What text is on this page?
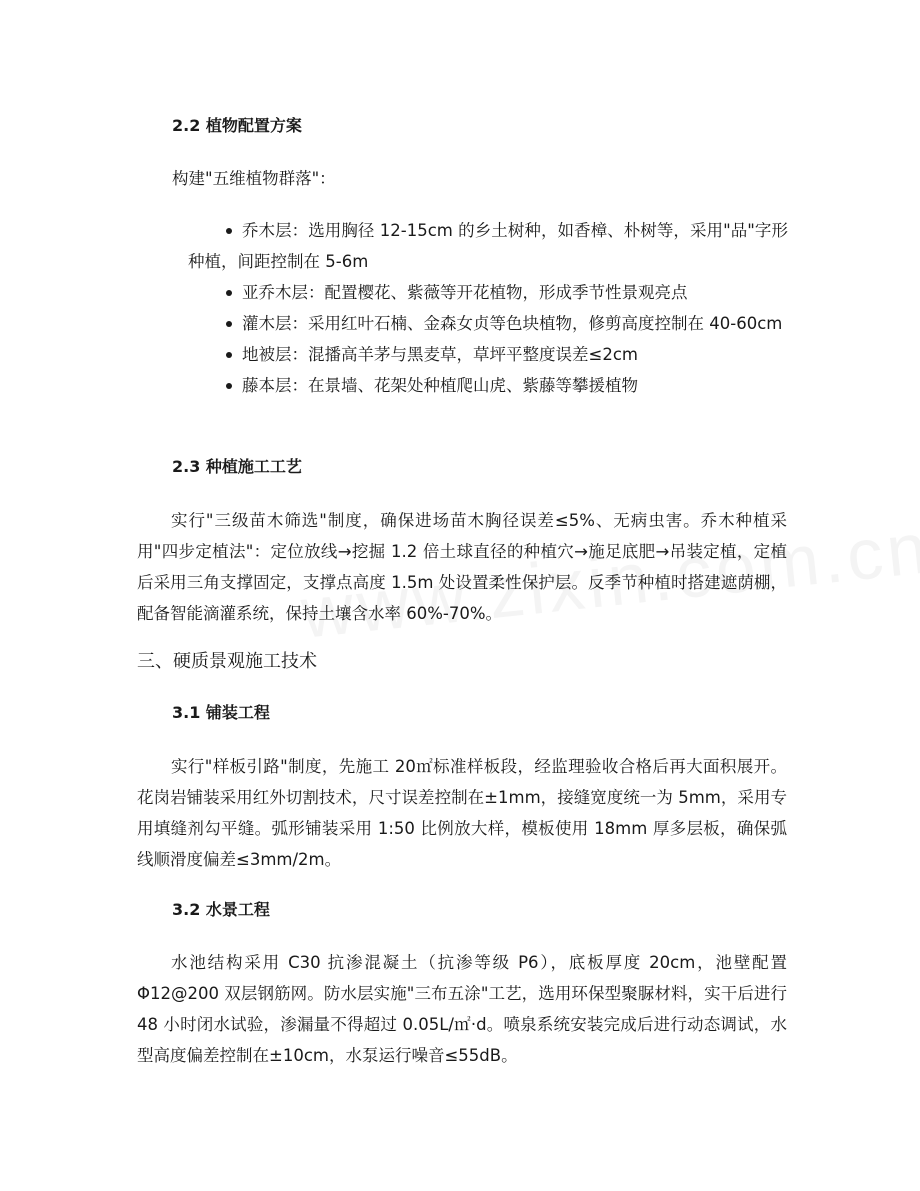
2.2 植物配置方案
构建"五维植物群落"：
乔木层：选用胸径 12-15cm 的乡土树种，如香樟、朴树等，采用"品"字形种植，间距控制在 5-6m
亚乔木层：配置樱花、紫薇等开花植物，形成季节性景观亮点
灌木层：采用红叶石楠、金森女贞等色块植物，修剪高度控制在 40-60cm
地被层：混播高羊茅与黑麦草，草坪平整度误差≤2cm
藤本层：在景墙、花架处种植爬山虎、紫藤等攀援植物
2.3 种植施工工艺

实行"三级苗木筛选"制度，确保进场苗木胸径误差≤5%、无病虫害。乔木种植采用"四步定植法"：定位放线→挖掘 1.2 倍土球直径的种植穴→施足底肥→吊装定植，定植后采用三角支撑固定，支撑点高度 1.5m 处设置柔性保护层。反季节种植时搭建遮荫棚，配备智能滴灌系统，保持土壤含水率 60%-70%。

三、硬质景观施工技术
3.1 铺装工程

实行"样板引路"制度，先施工 20㎡标准样板段，经监理验收合格后再大面积展开。花岗岩铺装采用红外切割技术，尺寸误差控制在±1mm，接缝宽度统一为 5mm，采用专用填缝剂勾平缝。弧形铺装采用 1:50 比例放大样，模板使用 18mm 厚多层板，确保弧线顺滑度偏差≤3mm/2m。

3.2 水景工程

水池结构采用 C30 抗渗混凝土（抗渗等级 P6），底板厚度 20cm，池壁配置Φ12@200 双层钢筋网。防水层实施"三布五涂"工艺，选用环保型聚脲材料，实干后进行 48 小时闭水试验，渗漏量不得超过 0.05L/㎡·d。喷泉系统安装完成后进行动态调试，水型高度偏差控制在±10cm，水泵运行噪音≤55dB。
